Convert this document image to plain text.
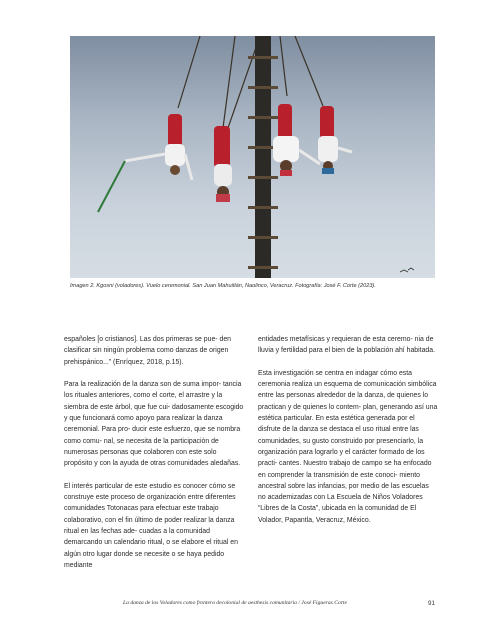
Imagen 2. Kgosni (voladores). Vuelo ceremonial. San Juan Mahuitlán, Naolinco, Veracruz. Fotografía: José F. Corte (2023).

españoles [o cristianos]. Las dos primeras se pue- den clasificar sin ningún problema como danzas de origen prehispánico...” (Enríquez, 2018, p.15).

Para la realización de la danza son de suma impor- tancia los rituales anteriores, como el corte, el arrastre y la siembra de este árbol, que fue cui- dadosamente escogido y que funcionará como apoyo para realizar la danza ceremonial. Para pro- ducir este esfuerzo, que se nombra como comu- nal, se necesita de la participación de numerosas personas que colaboren con este solo propósito y con la ayuda de otras comunidades aledañas.

El interés particular de este estudio es conocer cómo se construye este proceso de organización entre diferentes comunidades Totonacas para efectuar este trabajo colaborativo, con el fin último de poder realizar la danza ritual en las fechas ade- cuadas a la comunidad demarcando un calendario ritual, o se elabore el ritual en algún otro lugar donde se necesite o se haya pedido mediante

entidades metafísicas y requieran de esta ceremo- nia de lluvia y fertilidad para el bien de la población ahí habitada.

Esta investigación se centra en indagar cómo esta ceremonia realiza un esquema de comunicación simbólica entre las personas alrededor de la danza, de quienes lo practican y de quienes lo contem- plan, generando así una estética particular. En esta estética generada por el disfrute de la danza se destaca el uso ritual entre las comunidades, su gusto construido por presenciarlo, la organización para lograrlo y el carácter formado de los practi- cantes. Nuestro trabajo de campo se ha enfocado en comprender la transmisión de este conoci- miento ancestral sobre las infancias, por medio de las escuelas no academizadas con La Escuela de Niños Voladores “Libres de la Costa”, ubicada en la comunidad de El Volador, Papantla, Veracruz, México.

La danza de los Voladores como frontera decolonial de aesthesis comunitaria / José Figueras Corte	91
